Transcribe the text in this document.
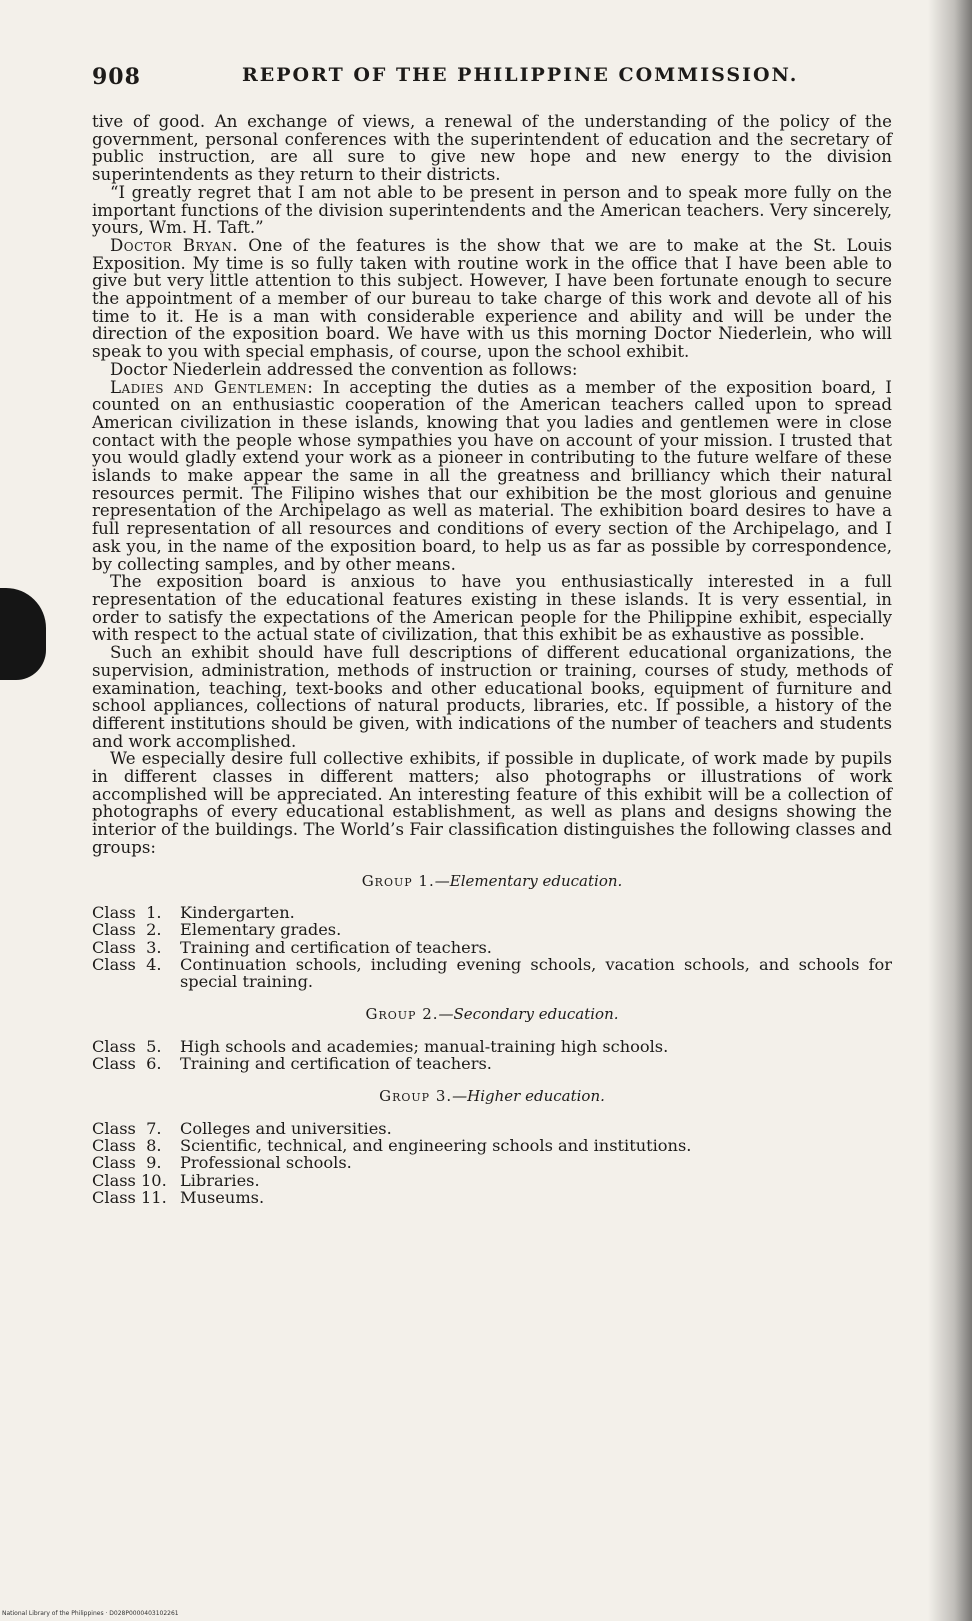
908	REPORT OF THE PHILIPPINE COMMISSION.

tive of good. An exchange of views, a renewal of the understanding of the policy of the government, personal conferences with the superintendent of education and the secretary of public instruction, are all sure to give new hope and new energy to the division superintendents as they return to their districts.

“I greatly regret that I am not able to be present in person and to speak more fully on the important functions of the division superintendents and the American teachers. Very sincerely, yours, Wm. H. Taft.”

Doctor Bryan. One of the features is the show that we are to make at the St. Louis Exposition. My time is so fully taken with routine work in the office that I have been able to give but very little attention to this subject. However, I have been fortunate enough to secure the appointment of a member of our bureau to take charge of this work and devote all of his time to it. He is a man with considerable experience and ability and will be under the direction of the exposition board. We have with us this morning Doctor Niederlein, who will speak to you with special emphasis, of course, upon the school exhibit.

Doctor Niederlein addressed the convention as follows:

Ladies and Gentlemen: In accepting the duties as a member of the exposition board, I counted on an enthusiastic cooperation of the American teachers called upon to spread American civilization in these islands, knowing that you ladies and gentlemen were in close contact with the people whose sympathies you have on account of your mission. I trusted that you would gladly extend your work as a pioneer in contributing to the future welfare of these islands to make appear the same in all the greatness and brilliancy which their natural resources permit. The Filipino wishes that our exhibition be the most glorious and genuine representation of the Archipelago as well as material. The exhibition board desires to have a full representation of all resources and conditions of every section of the Archipelago, and I ask you, in the name of the exposition board, to help us as far as possible by correspondence, by collecting samples, and by other means.

The exposition board is anxious to have you enthusiastically interested in a full representation of the educational features existing in these islands. It is very essential, in order to satisfy the expectations of the American people for the Philippine exhibit, especially with respect to the actual state of civilization, that this exhibit be as exhaustive as possible.

Such an exhibit should have full descriptions of different educational organizations, the supervision, administration, methods of instruction or training, courses of study, methods of examination, teaching, text-books and other educational books, equipment of furniture and school appliances, collections of natural products, libraries, etc. If possible, a history of the different institutions should be given, with indications of the number of teachers and students and work accomplished.

We especially desire full collective exhibits, if possible in duplicate, of work made by pupils in different classes in different matters; also photographs or illustrations of work accomplished will be appreciated. An interesting feature of this exhibit will be a collection of photographs of every educational establishment, as well as plans and designs showing the interior of the buildings. The World’s Fair classification distinguishes the following classes and groups:

Group 1.—Elementary education.
Class  1.	Kindergarten.
Class  2.	Elementary grades.
Class  3.	Training and certification of teachers.
Class  4.	Continuation schools, including evening schools, vacation schools, and schools for special training.
Group 2.—Secondary education.
Class  5.	High schools and academies; manual-training high schools.
Class  6.	Training and certification of teachers.
Group 3.—Higher education.
Class  7.	Colleges and universities.
Class  8.	Scientific, technical, and engineering schools and institutions.
Class  9.	Professional schools.
Class 10. Libraries.
Class 11. Museums.
National Library of the Philippines · D028P0000403102261
